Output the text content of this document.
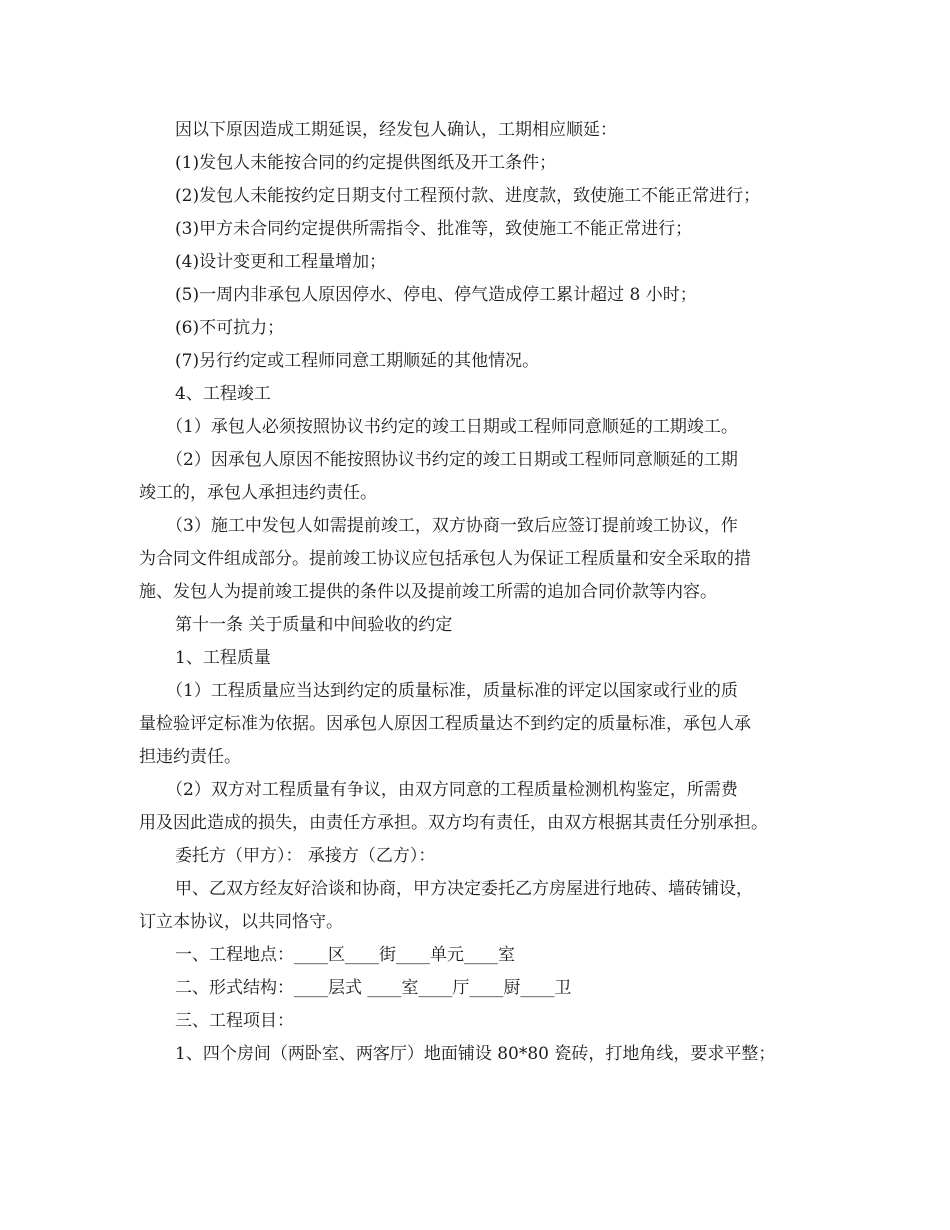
因以下原因造成工期延误，经发包人确认，工期相应顺延：

(1)发包人未能按合同的约定提供图纸及开工条件；

(2)发包人未能按约定日期支付工程预付款、进度款，致使施工不能正常进行；

(3)甲方未合同约定提供所需指令、批准等，致使施工不能正常进行；

(4)设计变更和工程量增加；

(5)一周内非承包人原因停水、停电、停气造成停工累计超过 8 小时；

(6)不可抗力；

(7)另行约定或工程师同意工期顺延的其他情况。

4、工程竣工

（1）承包人必须按照协议书约定的竣工日期或工程师同意顺延的工期竣工。

（2）因承包人原因不能按照协议书约定的竣工日期或工程师同意顺延的工期

竣工的，承包人承担违约责任。

（3）施工中发包人如需提前竣工，双方协商一致后应签订提前竣工协议，作

为合同文件组成部分。提前竣工协议应包括承包人为保证工程质量和安全采取的措

施、发包人为提前竣工提供的条件以及提前竣工所需的追加合同价款等内容。

第十一条 关于质量和中间验收的约定

1、工程质量

（1）工程质量应当达到约定的质量标准，质量标准的评定以国家或行业的质

量检验评定标准为依据。因承包人原因工程质量达不到约定的质量标准，承包人承

担违约责任。

（2）双方对工程质量有争议，由双方同意的工程质量检测机构鉴定，所需费

用及因此造成的损失，由责任方承担。双方均有责任，由双方根据其责任分别承担。

委托方（甲方）： 承接方（乙方）：

甲、乙双方经友好洽谈和协商，甲方决定委托乙方房屋进行地砖、墙砖铺设，

订立本协议，以共同恪守。

一、工程地点：____区____街____单元____室

二、形式结构：____层式 ____室____厅____厨____卫

三、工程项目：

1、四个房间（两卧室、两客厅）地面铺设 80*80 瓷砖，打地角线，要求平整；
